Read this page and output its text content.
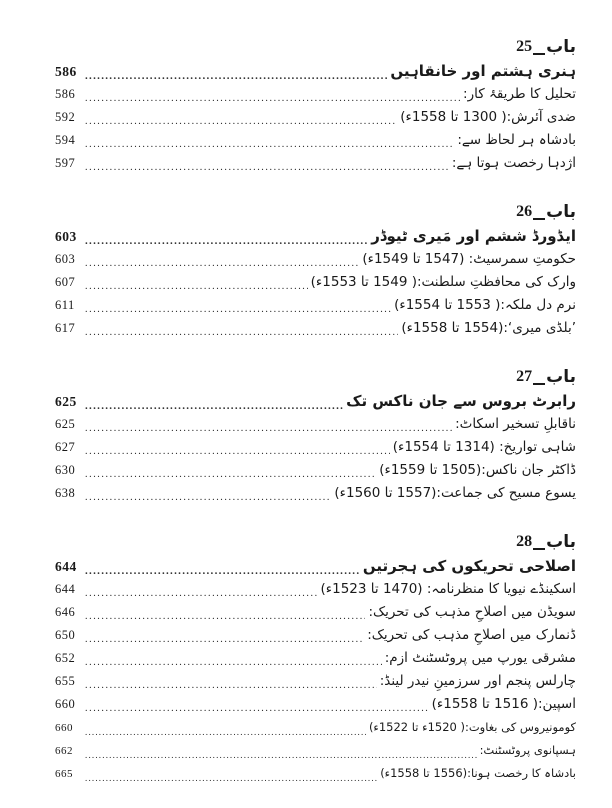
باب
25
586 .....	ہنری ہشتم اور خانقاہیں
586 .....	تحلیل کا طریقۂ کار:
592 .....	ضدی آئرش:( 1300 تا 1558ء)
594 .....	بادشاہ ہر لحاظ سے:
597 .....	اژدہا رخصت ہوتا ہے:
باب
26
603 .....	ایڈورڈ ششم اور مَیری ٹیوڈر
603 .....	حکومتِ سمرسیٹ: (1547 تا 1549ء)
607 .....	وارک کی محافظتِ سلطنت:( 1549 تا 1553ء)
611 .....	نرم دل ملکہ:( 1553 تا 1554ء)
617 .....	’بلڈی میری‘:(1554 تا 1558ء)
باب
27
625 .....	رابرٹ بروس سے جان ناکس تک
625 .....	ناقابلِ تسخیر اسکاٹ:
627 .....	شاہی تواریخ: (1314 تا 1554ء)
630 .....	ڈاکٹر جان ناکس:(1505 تا 1559ء)
638 .....	یسوع مسیح کی جماعت:(1557 تا 1560ء)
باب
28
644 .....	اصلاحی تحریکوں کی ہجرتیں
644 .....	اسکینڈے نیویا کا منظرنامہ: (1470 تا 1523ء)
646 .....	سویڈن میں اصلاحِ مذہب کی تحریک:
650 .....	ڈنمارک میں اصلاحِ مذہب کی تحریک:
652 .....	مشرقی یورپ میں پروٹسٹنٹ ازم:
655 .....	چارلس پنجم اور سرزمینِ نیدر لینڈ:
660 .....	اسپین:( 1516 تا 1558ء)
660 .....	کومونیروس کی بغاوت:( 1520ء تا 1522ء)
662 .....	ہسپانوی پروٹسٹنٹ:
665 .....	بادشاہ کا رخصت ہونا:(1556 تا 1558ء)
